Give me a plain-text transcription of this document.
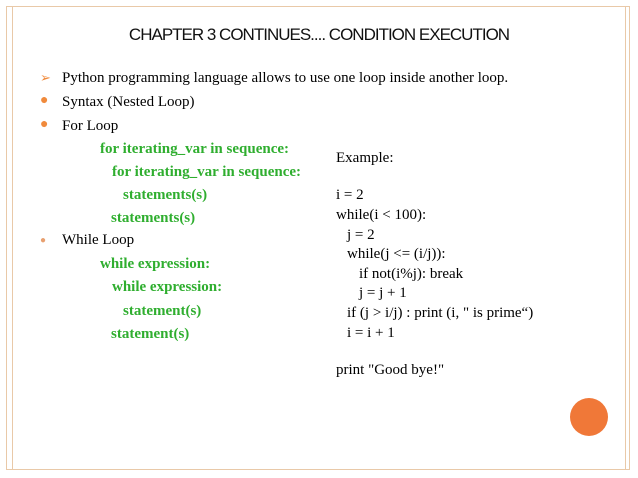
CHAPTER 3 CONTINUES.... CONDITION EXECUTION
➢ Python programming language allows to use one loop inside another loop.
● Syntax (Nested Loop)
● For Loop
● While Loop
for iterating_var in sequence:
for iterating_var in sequence:
statements(s)
statements(s)
while expression:
while expression:
statement(s)
statement(s)
Example:
i = 2
while(i < 100):
j = 2
while(j <= (i/j)):
if not(i%j): break
j = j + 1
if (j > i/j) : print (i, " is prime“)
i = i + 1
print "Good bye!"
